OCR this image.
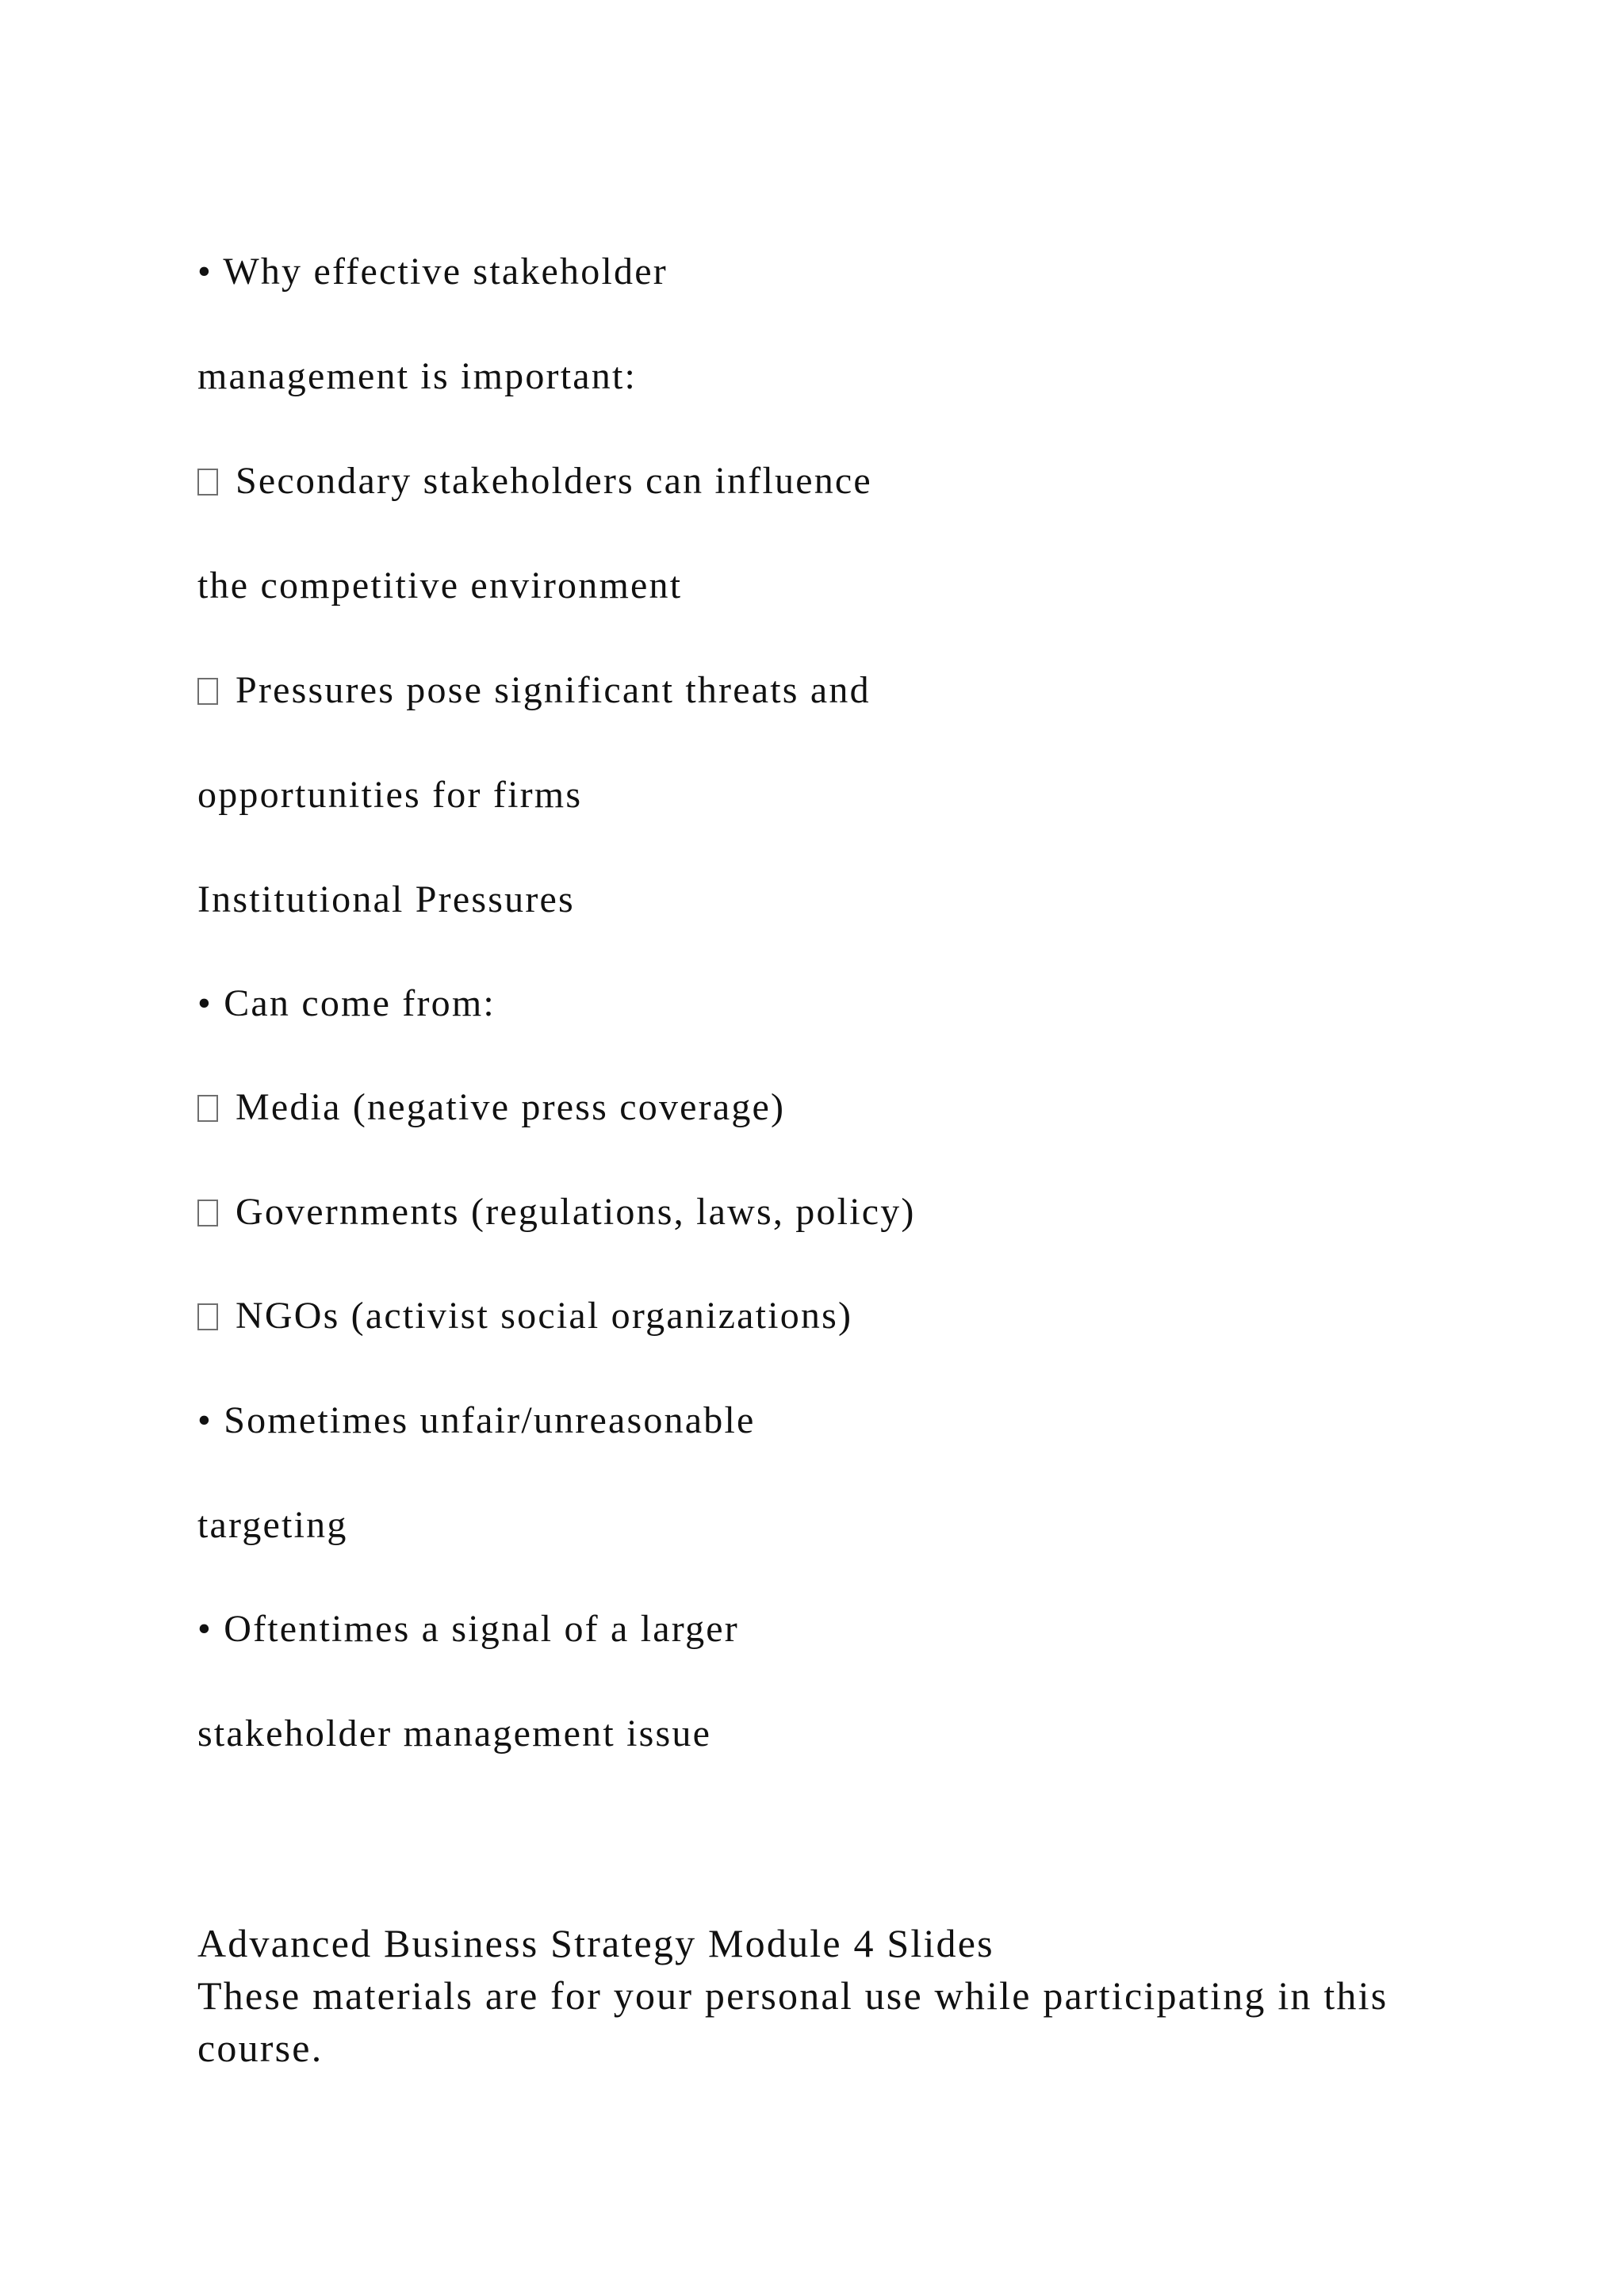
• Why effective stakeholder
management is important:
Secondary stakeholders can influence
the competitive environment
Pressures pose significant threats and
opportunities for firms
Institutional Pressures
• Can come from:
Media (negative press coverage)
Governments (regulations, laws, policy)
NGOs (activist social organizations)
• Sometimes unfair/unreasonable
targeting
• Oftentimes a signal of a larger
stakeholder management issue
Advanced Business Strategy Module 4 Slides
These materials are for your personal use while participating in this course.
